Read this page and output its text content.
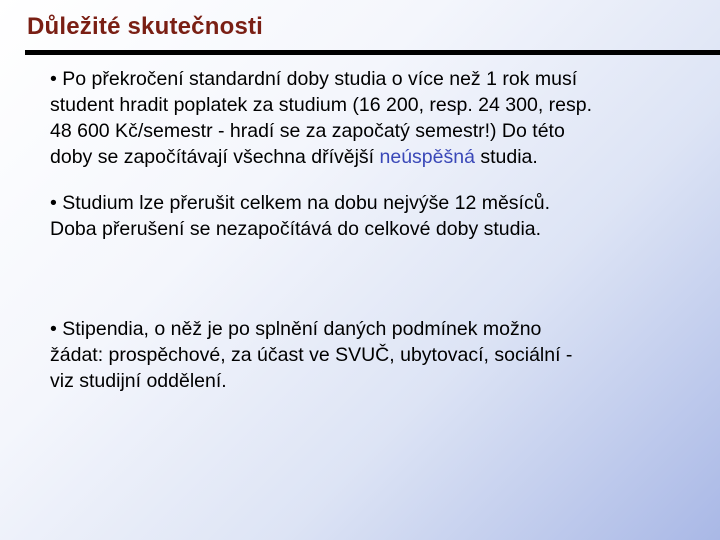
Důležité skutečnosti
• Po překročení standardní doby studia o více než 1 rok musí
student hradit poplatek za studium (16 200, resp. 24 300, resp.
48 600 Kč/semestr - hradí se za započatý semestr!) Do této
doby se započítávají všechna dřívější neúspěšná studia.
• Studium lze přerušit celkem na dobu nejvýše 12 měsíců.
Doba přerušení se nezapočítává do celkové doby studia.
• Stipendia, o něž je po splnění daných podmínek možno
žádat: prospěchové, za účast ve SVUČ, ubytovací, sociální -
viz studijní oddělení.
